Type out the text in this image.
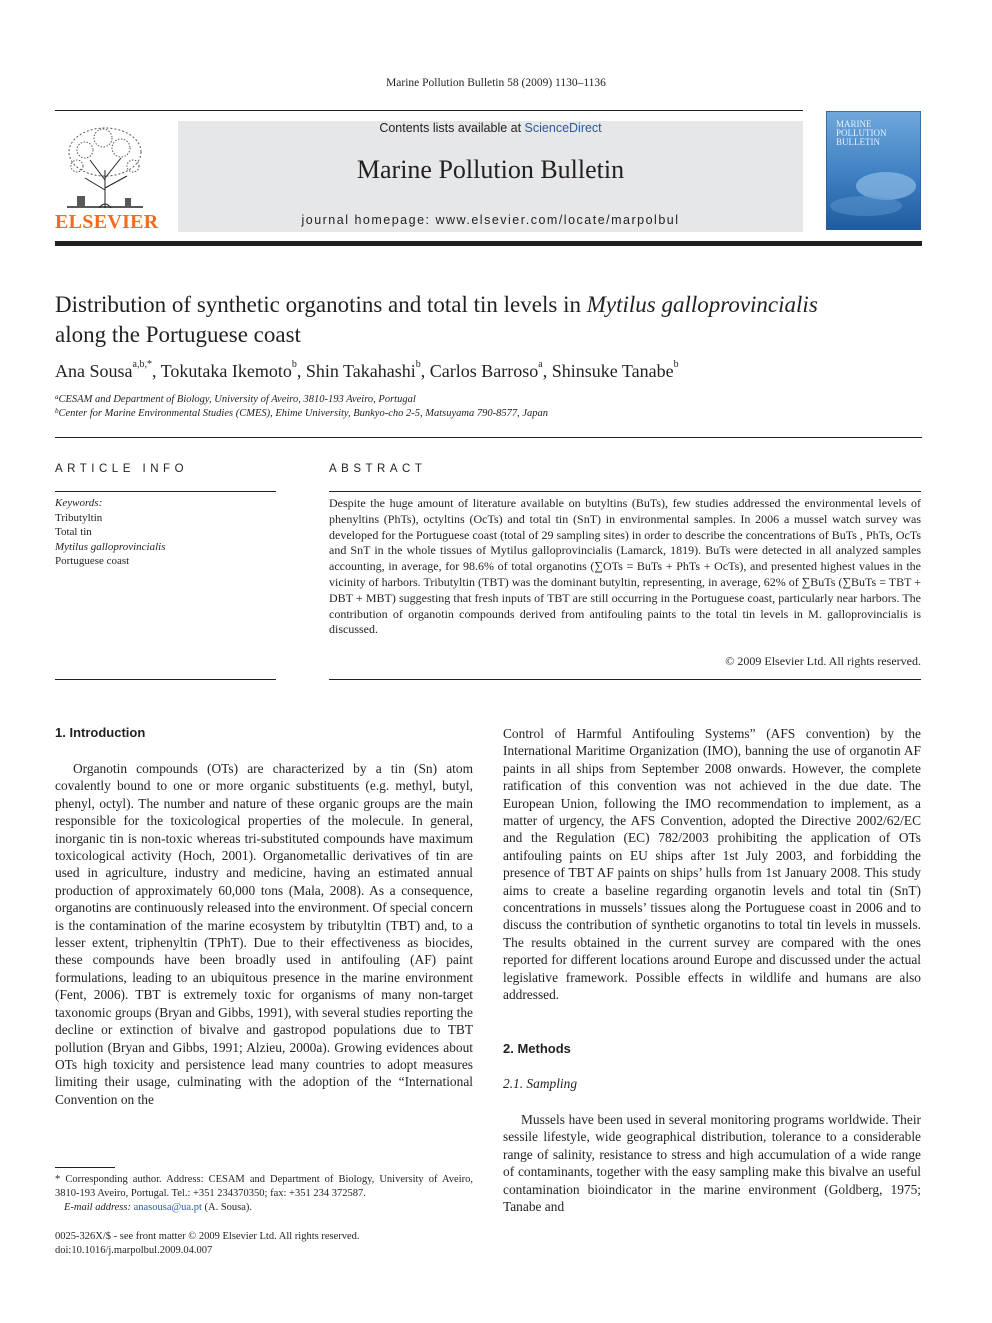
Marine Pollution Bulletin 58 (2009) 1130–1136
ELSEVIER
Contents lists available at ScienceDirect
Marine Pollution Bulletin
journal homepage: www.elsevier.com/locate/marpolbul
MARINE
POLLUTION
BULLETIN
Distribution of synthetic organotins and total tin levels in Mytilus galloprovincialis along the Portuguese coast
Ana Sousa$^{a,b,*}$, Tokutaka Ikemoto$^b$, Shin Takahashi$^b$, Carlos Barroso$^a$, Shinsuke Tanabe$^b$
$^a$CESAM and Department of Biology, University of Aveiro, 3810-193 Aveiro, Portugal
$^b$Center for Marine Environmental Studies (CMES), Ehime University, Bunkyo-cho 2-5, Matsuyama 790-8577, Japan
ARTICLE INFO
Keywords:
Tributyltin
Total tin
Mytilus galloprovincialis
Portuguese coast
ABSTRACT
Despite the huge amount of literature available on butyltins (BuTs), few studies addressed the environmental levels of phenyltins (PhTs), octyltins (OcTs) and total tin (SnT) in environmental samples. In 2006 a mussel watch survey was developed for the Portuguese coast (total of 29 sampling sites) in order to describe the concentrations of BuTs , PhTs, OcTs and SnT in the whole tissues of Mytilus galloprovincialis (Lamarck, 1819). BuTs were detected in all analyzed samples accounting, in average, for 98.6% of total organotins (∑OTs = BuTs + PhTs + OcTs), and presented highest values in the vicinity of harbors. Tributyltin (TBT) was the dominant butyltin, representing, in average, 62% of ∑BuTs (∑BuTs = TBT + DBT + MBT) suggesting that fresh inputs of TBT are still occurring in the Portuguese coast, particularly near harbors. The contribution of organotin compounds derived from antifouling paints to the total tin levels in M. galloprovincialis is discussed.
© 2009 Elsevier Ltd. All rights reserved.
1. Introduction

Organotin compounds (OTs) are characterized by a tin (Sn) atom covalently bound to one or more organic substituents (e.g. methyl, butyl, phenyl, octyl). The number and nature of these organic groups are the main responsible for the toxicological properties of the molecule. In general, inorganic tin is non-toxic whereas tri-substituted compounds have maximum toxicological activity (Hoch, 2001). Organometallic derivatives of tin are used in agriculture, industry and medicine, having an estimated annual production of approximately 60,000 tons (Mala, 2008). As a consequence, organotins are continuously released into the environment. Of special concern is the contamination of the marine ecosystem by tributyltin (TBT) and, to a lesser extent, triphenyltin (TPhT). Due to their effectiveness as biocides, these compounds have been broadly used in antifouling (AF) paint formulations, leading to an ubiquitous presence in the marine environment (Fent, 2006). TBT is extremely toxic for organisms of many non-target taxonomic groups (Bryan and Gibbs, 1991), with several studies reporting the decline or extinction of bivalve and gastropod populations due to TBT pollution (Bryan and Gibbs, 1991; Alzieu, 2000a). Growing evidences about OTs high toxicity and persistence lead many countries to adopt measures limiting their usage, culminating with the adoption of the “International Convention on the

Control of Harmful Antifouling Systems” (AFS convention) by the International Maritime Organization (IMO), banning the use of organotin AF paints in all ships from September 2008 onwards. However, the complete ratification of this convention was not achieved in the due date. The European Union, following the IMO recommendation to implement, as a matter of urgency, the AFS Convention, adopted the Directive 2002/62/EC and the Regulation (EC) 782/2003 prohibiting the application of OTs antifouling paints on EU ships after 1st July 2003, and forbidding the presence of TBT AF paints on ships’ hulls from 1st January 2008. This study aims to create a baseline regarding organotin levels and total tin (SnT) concentrations in mussels’ tissues along the Portuguese coast in 2006 and to discuss the contribution of synthetic organotins to total tin levels in mussels. The results obtained in the current survey are compared with the ones reported for different locations around Europe and discussed under the actual legislative framework. Possible effects in wildlife and humans are also addressed.

2. Methods
2.1. Sampling

Mussels have been used in several monitoring programs worldwide. Their sessile lifestyle, wide geographical distribution, tolerance to a considerable range of salinity, resistance to stress and high accumulation of a wide range of contaminants, together with the easy sampling make this bivalve an useful contamination bioindicator in the marine environment (Goldberg, 1975; Tanabe and

* Corresponding author. Address: CESAM and Department of Biology, University of Aveiro, 3810-193 Aveiro, Portugal. Tel.: +351 234370350; fax: +351 234 372587.
E-mail address: anasousa@ua.pt (A. Sousa).
0025-326X/$ - see front matter © 2009 Elsevier Ltd. All rights reserved.
doi:10.1016/j.marpolbul.2009.04.007
